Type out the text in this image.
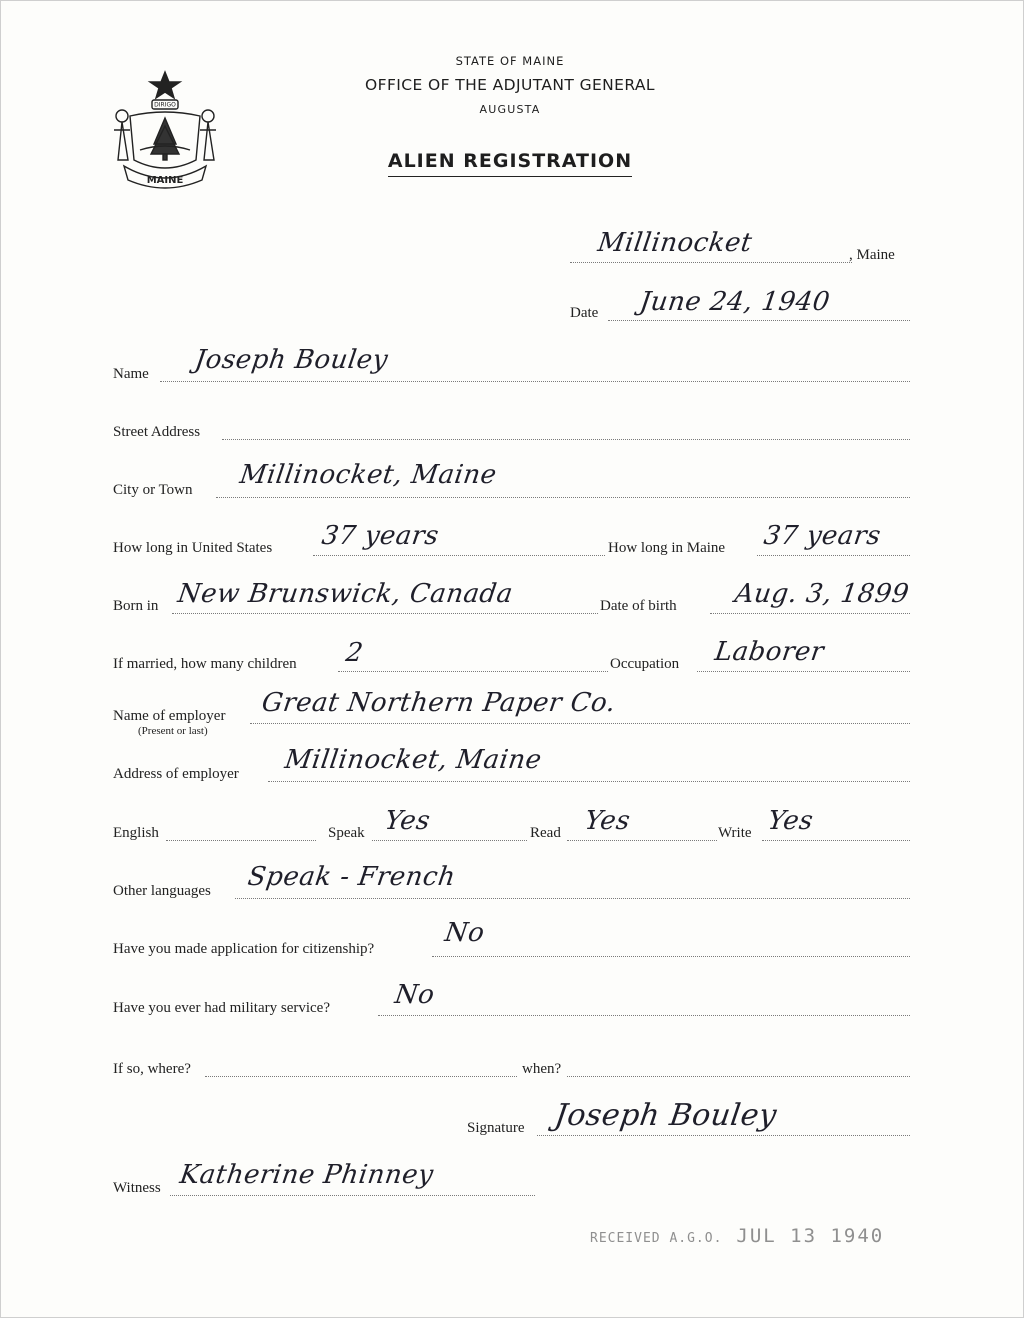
DIRIGO
MAINE
STATE OF MAINE
OFFICE OF THE ADJUTANT GENERAL
AUGUSTA
ALIEN REGISTRATION
Millinocket	, Maine
Date June 24, 1940
Name Joseph Bouley
Street Address
City or Town Millinocket, Maine
How long in United States 37 years	How long in Maine 37 years
Born in New Brunswick, Canada	Date of birth Aug. 3, 1899
If married, how many children 2	Occupation Laborer
Name of employer
(Present or last)
Great Northern Paper Co.
Address of employer Millinocket, Maine
English	Speak Yes	Read Yes	Write Yes
Other languages Speak - French
Have you made application for citizenship?
No
Have you ever had military service? No
If so, where?	when?
Signature Joseph Bouley
Witness Katherine Phinney
RECEIVED A.G.O. JUL 13 1940
